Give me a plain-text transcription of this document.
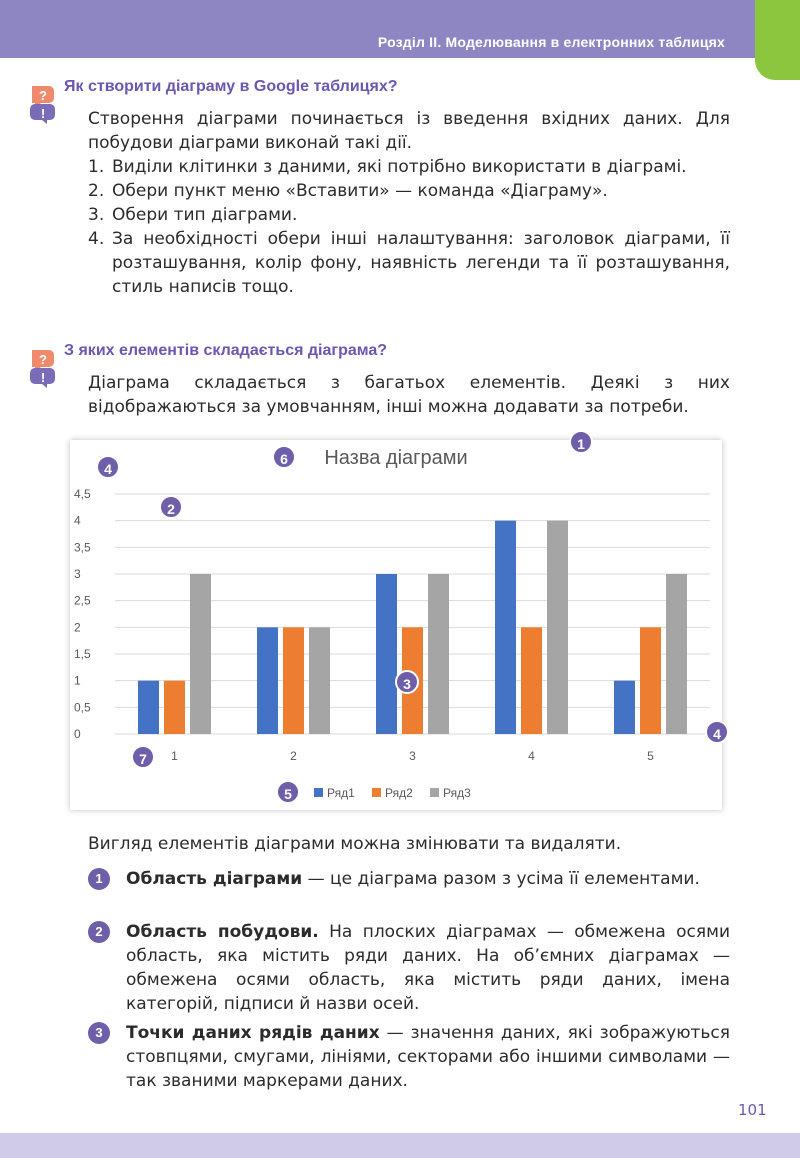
Розділ ІІ. Моделювання в електронних таблицях
?
!
Як створити діаграму в Google таблицях?
Створення діаграми починається із введення вхідних даних. Для побудови діаграми виконай такі дії.
1. Виділи клітинки з даними, які потрібно використати в діаграмі.
2. Обери пункт меню «Вставити» — команда «Діаграму».
3. Обери тип діаграми.
4. За необхідності обери інші налаштування: заголовок діаграми, її розташування, колір фону, наявність легенди та її розташування, стиль написів тощо.
?
!
З яких елементів складається діаграма?
Діаграма складається з багатьох елементів. Деякі з них відображаються за умовчанням, інші можна додавати за потреби.
Назва діаграми
0
0,5
1
1,5
2
2,5
3
3,5
4
4,5
1	2	3	4	5
Ряд1	Ряд2	Ряд3
1
2
3
4
4
5
6
7
Вигляд елементів діаграми можна змінювати та видаляти.
1	Область діаграми — це діаграма разом з усіма її елементами.
2	Область побудови. На плоских діаграмах — обмежена осями область, яка містить ряди даних. На об’ємних діаграмах — обмежена осями область, яка містить ряди даних, імена категорій, підписи й назви осей.
3	Точки даних рядів даних — значення даних, які зображуються стовпцями, смугами, лініями, секторами або іншими символами — так званими маркерами даних.
101
